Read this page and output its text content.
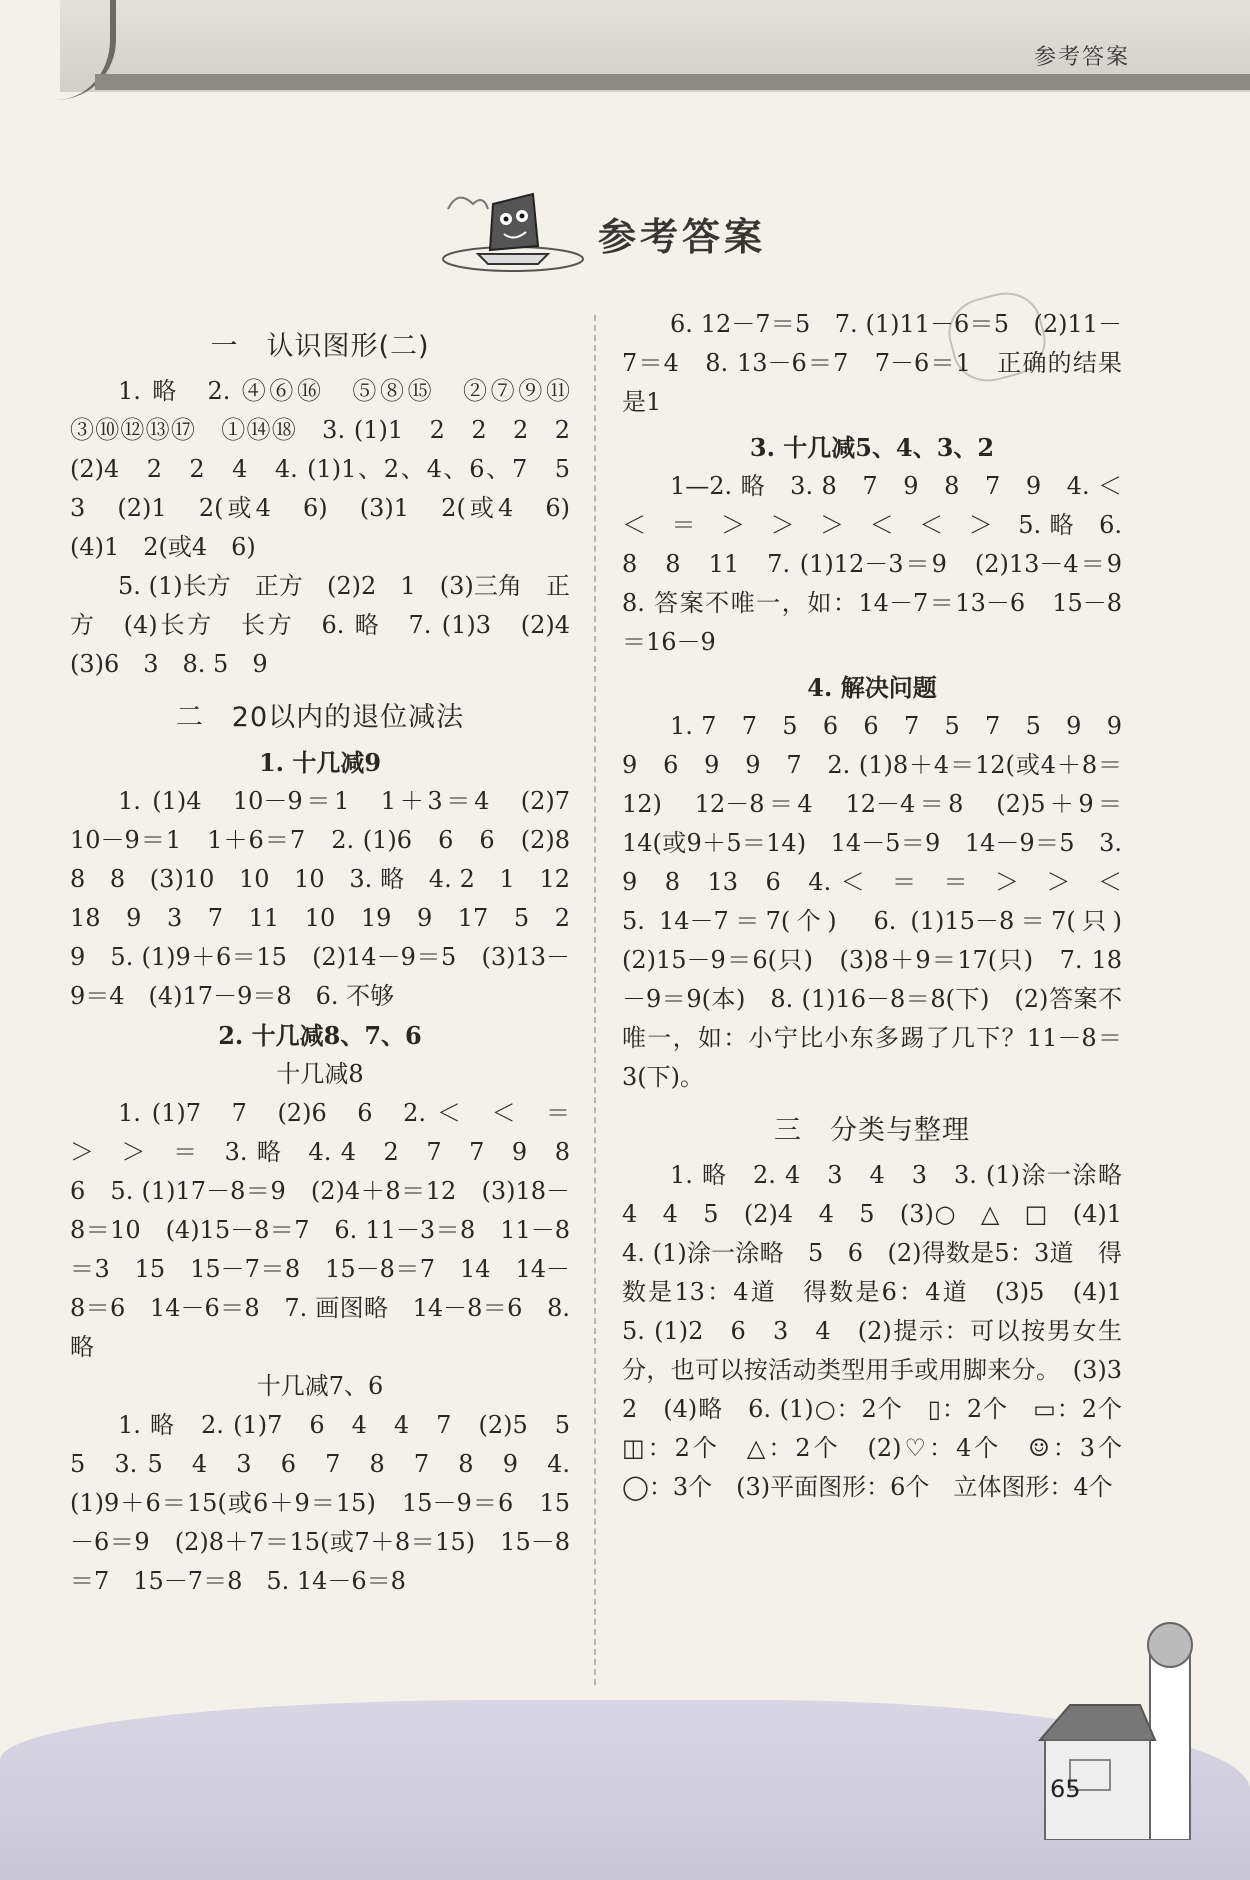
参考答案
参考答案

一　认识图形(二)

1. 略　2. ④⑥⑯　⑤⑧⑮　②⑦⑨⑪　③⑩⑫⑬⑰　①⑭⑱　3. (1)1　2　2　2　2　(2)4　2　2　4　4. (1)1、2、4、6、7　5　3　(2)1　2(或4　6)　(3)1　2(或4　6)　(4)1　2(或4　6)

5. (1)长方　正方　(2)2　1　(3)三角　正方　(4)长方　长方　6. 略　7. (1)3　(2)4　(3)6　3　8. 5　9

二　20以内的退位减法

1. 十几减9

1. (1)4　10－9＝1　1＋3＝4　(2)7　10－9＝1　1＋6＝7　2. (1)6　6　6　(2)8　8　8　(3)10　10　10　3. 略　4. 2　1　12　18　9　3　7　11　10　19　9　17　5　2　9　5. (1)9＋6＝15　(2)14－9＝5　(3)13－9＝4　(4)17－9＝8　6. 不够

2. 十几减8、7、6

十几减8

1. (1)7　7　(2)6　6　2. ＜　＜　＝　＞　＞　＝　3. 略　4. 4　2　7　7　9　8　6　5. (1)17－8＝9　(2)4＋8＝12　(3)18－8＝10　(4)15－8＝7　6. 11－3＝8　11－8＝3　15　15－7＝8　15－8＝7　14　14－8＝6　14－6＝8　7. 画图略　14－8＝6　8. 略

十几减7、6

1. 略　2. (1)7　6　4　4　7　(2)5　5　5　3. 5　4　3　6　7　8　7　8　9　4. (1)9＋6＝15(或6＋9＝15)　15－9＝6　15－6＝9　(2)8＋7＝15(或7＋8＝15)　15－8＝7　15－7＝8　5. 14－6＝8

6. 12－7＝5　7. (1)11－6＝5　(2)11－7＝4　8. 13－6＝7　7－6＝1　正确的结果是1

3. 十几减5、4、3、2

1—2. 略　3. 8　7　9　8　7　9　4. ＜　＜　＝　＞　＞　＞　＜　＜　＞　5. 略　6. 8　8　11　7. (1)12－3＝9　(2)13－4＝9　8. 答案不唯一，如：14－7＝13－6　15－8＝16－9

4. 解决问题

1. 7　7　5　6　6　7　5　7　5　9　9　9　6　9　9　7　2. (1)8＋4＝12(或4＋8＝12)　12－8＝4　12－4＝8　(2)5＋9＝14(或9＋5＝14)　14－5＝9　14－9＝5　3. 9　8　13　6　4. ＜　＝　＝　＞　＞　＜　5. 14－7＝7(个)　6. (1)15－8＝7(只)　(2)15－9＝6(只)　(3)8＋9＝17(只)　7. 18－9＝9(本)　8. (1)16－8＝8(下)　(2)答案不唯一，如：小宁比小东多踢了几下？11－8＝3(下)。

三　分类与整理

1. 略　2. 4　3　4　3　3. (1)涂一涂略　4　4　5　(2)4　4　5　(3)○　△　□　(4)1　4. (1)涂一涂略　5　6　(2)得数是5：3道　得数是13：4道　得数是6：4道　(3)5　(4)1　5. (1)2　6　3　4　(2)提示：可以按男女生分，也可以按活动类型用手或用脚来分。　(3)3　2　(4)略　6. (1)○：2个　▯：2个　▭：2个　◫：2个　△：2个　(2)♡：4个　☺：3个　◯：3个　(3)平面图形：6个　立体图形：4个

65
